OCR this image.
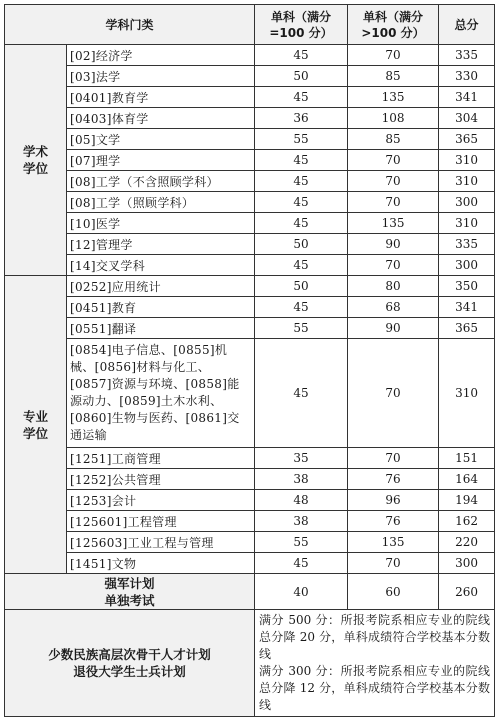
学科门类		单科（满分=100 分）	单科（满分>100 分）	总分
学术学位	[02]经济学	45	70	335
	[03]法学	50	85	330
	[0401]教育学	45	135	341
	[0403]体育学	36	108	304
	[05]文学	55	85	365
	[07]理学	45	70	310
	[08]工学（不含照顾学科）	45	70	310
	[08]工学（照顾学科）	45	70	300
	[10]医学	45	135	310
	[12]管理学	50	90	335
	[14]交叉学科	45	70	300
专业学位	[0252]应用统计	50	80	350
	[0451]教育	45	68	341
	[0551]翻译	55	90	365
	[0854]电子信息、[0855]机械、[0856]材料与化工、[0857]资源与环境、[0858]能源动力、[0859]土木水利、[0860]生物与医药、[0861]交通运输	45	70	310
	[1251]工商管理	35	70	151
	[1252]公共管理	38	76	164
	[1253]会计	48	96	194
	[125601]工程管理	38	76	162
	[125603]工业工程与管理	55	135	220
	[1451]文物	45	70	300

强军计划
单独考试		40	60	260

少数民族高层次骨干人才计划
退役大学生士兵计划		满分 500 分：所报考院系相应专业的院线总分降 20 分，单科成绩符合学校基本分数线
满分 300 分：所报考院系相应专业的院线总分降 12 分，单科成绩符合学校基本分数线		
